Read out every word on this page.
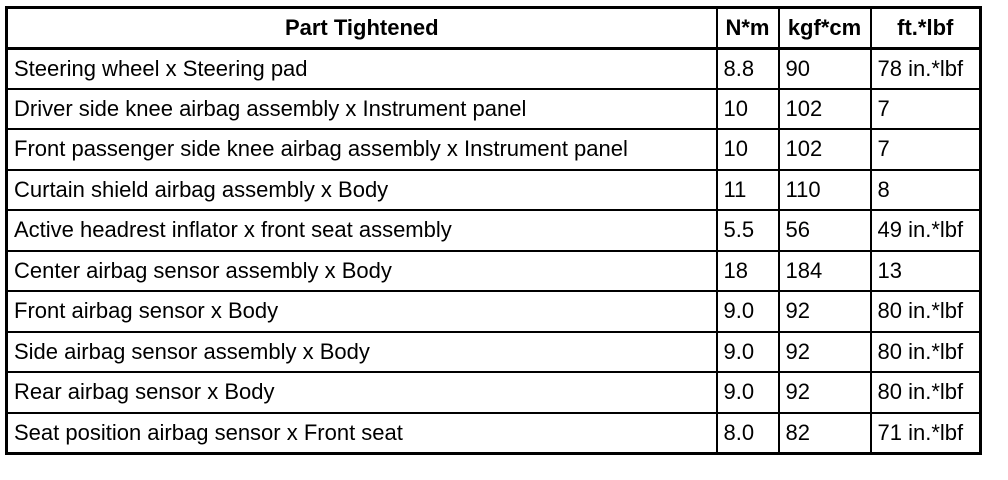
Part Tightened	N*m	kgf*cm	ft.*lbf
Steering wheel x Steering pad	8.8	90	78 in.*lbf
Driver side knee airbag assembly x Instrument panel	10	102	7
Front passenger side knee airbag assembly x Instrument panel	10	102	7
Curtain shield airbag assembly x Body	11	110	8
Active headrest inflator x front seat assembly	5.5	56	49 in.*lbf
Center airbag sensor assembly x Body	18	184	13
Front airbag sensor x Body	9.0	92	80 in.*lbf
Side airbag sensor assembly x Body	9.0	92	80 in.*lbf
Rear airbag sensor x Body	9.0	92	80 in.*lbf
Seat position airbag sensor x Front seat	8.0	82	71 in.*lbf
